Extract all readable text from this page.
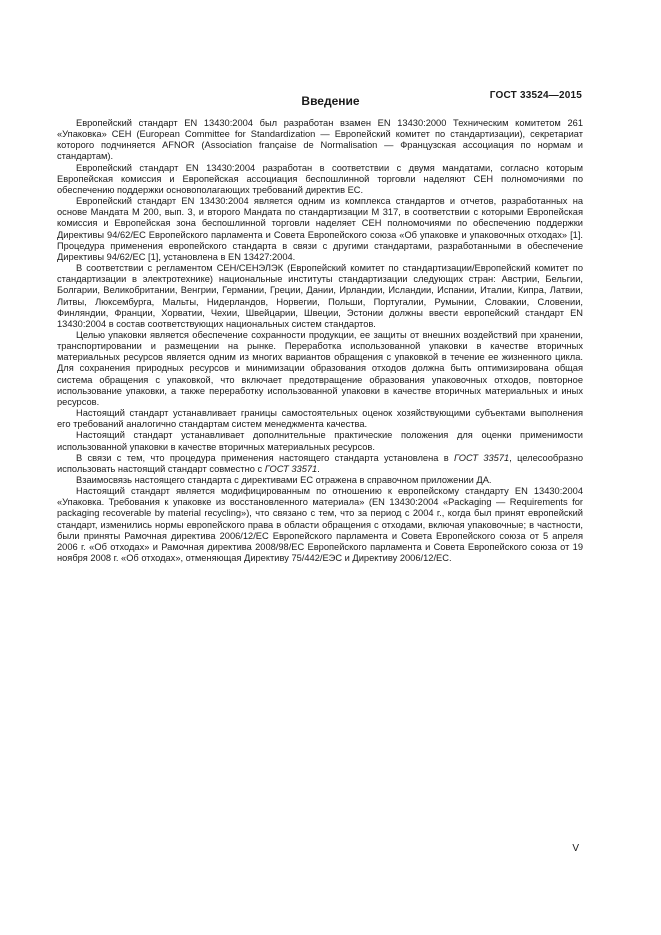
ГОСТ 33524—2015
Введение

Европейский стандарт EN 13430:2004 был разработан взамен EN 13430:2000 Техническим комитетом 261 «Упаковка» CEH (European Committee for Standardization — Европейский комитет по стандартизации), секретариат которого подчиняется AFNOR (Association française de Normalisation — Французская ассоциация по нормам и стандартам).

Европейский стандарт EN 13430:2004 разработан в соответствии с двумя мандатами, согласно которым Европейская комиссия и Европейская ассоциация беспошлинной торговли наделяют CEH полномочиями по обеспечению поддержки основополагающих требований директив ЕС.

Европейский стандарт EN 13430:2004 является одним из комплекса стандартов и отчетов, разработанных на основе Мандата М 200, вып. 3, и второго Мандата по стандартизации М 317, в соответствии с которыми Европейская комиссия и Европейская зона беспошлинной торговли наделяет CEH полномочиями по обеспечению поддержки Директивы 94/62/EC Европейского парламента и Совета Европейского союза «Об упаковке и упаковочных отходах» [1]. Процедура применения европейского стандарта в связи с другими стандартами, разработанными в обеспечение Директивы 94/62/EC [1], установлена в EN 13427:2004.

В соответствии с регламентом CEH/СЕНЭЛЭК (Европейский комитет по стандартизации/Европейский комитет по стандартизации в электротехнике) национальные институты стандартизации следующих стран: Австрии, Бельгии, Болгарии, Великобритании, Венгрии, Германии, Греции, Дании, Ирландии, Исландии, Испании, Италии, Кипра, Латвии, Литвы, Люксембурга, Мальты, Нидерландов, Норвегии, Польши, Португалии, Румынии, Словакии, Словении, Финляндии, Франции, Хорватии, Чехии, Швейцарии, Швеции, Эстонии должны ввести европейский стандарт EN 13430:2004 в состав соответствующих национальных систем стандартов.

Целью упаковки является обеспечение сохранности продукции, ее защиты от внешних воздействий при хранении, транспортировании и размещении на рынке. Переработка использованной упаковки в качестве вторичных материальных ресурсов является одним из многих вариантов обращения с упаковкой в течение ее жизненного цикла. Для сохранения природных ресурсов и минимизации образования отходов должна быть оптимизирована общая система обращения с упаковкой, что включает предотвращение образования упаковочных отходов, повторное использование упаковки, а также переработку использованной упаковки в качестве вторичных материальных и иных ресурсов.

Настоящий стандарт устанавливает границы самостоятельных оценок хозяйствующими субъектами выполнения его требований аналогично стандартам систем менеджмента качества.

Настоящий стандарт устанавливает дополнительные практические положения для оценки применимости использованной упаковки в качестве вторичных материальных ресурсов.

В связи с тем, что процедура применения настоящего стандарта установлена в ГОСТ 33571, целесообразно использовать настоящий стандарт совместно с ГОСТ 33571.

Взаимосвязь настоящего стандарта с директивами ЕС отражена в справочном приложении ДА.

Настоящий стандарт является модифицированным по отношению к европейскому стандарту EN 13430:2004 «Упаковка. Требования к упаковке из восстановленного материала» (EN 13430:2004 «Packaging — Requirements for packaging recoverable by material recycling»), что связано с тем, что за период с 2004 г., когда был принят европейский стандарт, изменились нормы европейского права в области обращения с отходами, включая упаковочные; в частности, были приняты Рамочная директива 2006/12/EC Европейского парламента и Совета Европейского союза от 5 апреля 2006 г. «Об отходах» и Рамочная директива 2008/98/EC Европейского парламента и Совета Европейского союза от 19 ноября 2008 г. «Об отходах», отменяющая Директиву 75/442/ЕЭС и Директиву 2006/12/EC.

V
